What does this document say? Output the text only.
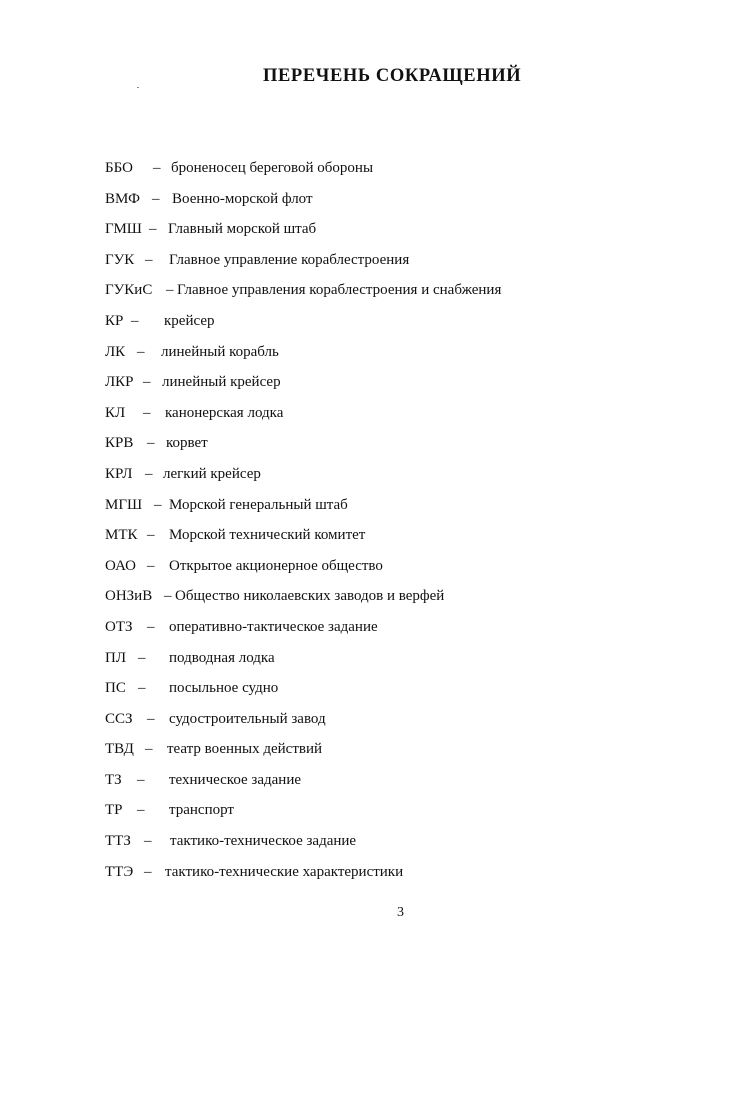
ПЕРЕЧЕНЬ СОКРАЩЕНИЙ
ББО – броненосец береговой обороны
ВМФ – Военно-морской флот
ГМШ – Главный морской штаб
ГУК – Главное управление кораблестроения
ГУКиС – Главное управления кораблестроения и снабжения
КР – крейсер
ЛК – линейный корабль
ЛКР – линейный крейсер
КЛ – канонерская лодка
КРВ – корвет
КРЛ – легкий крейсер
МГШ – Морской генеральный штаб
МТК – Морской технический комитет
ОАО – Открытое акционерное общество
ОНЗиВ – Общество николаевских заводов и верфей
ОТЗ – оперативно-тактическое задание
ПЛ – подводная лодка
ПС – посыльное судно
ССЗ – судостроительный завод
ТВД – театр военных действий
ТЗ – техническое задание
ТР – транспорт
ТТЗ – тактико-техническое задание
ТТЭ – тактико-технические характеристики
3
